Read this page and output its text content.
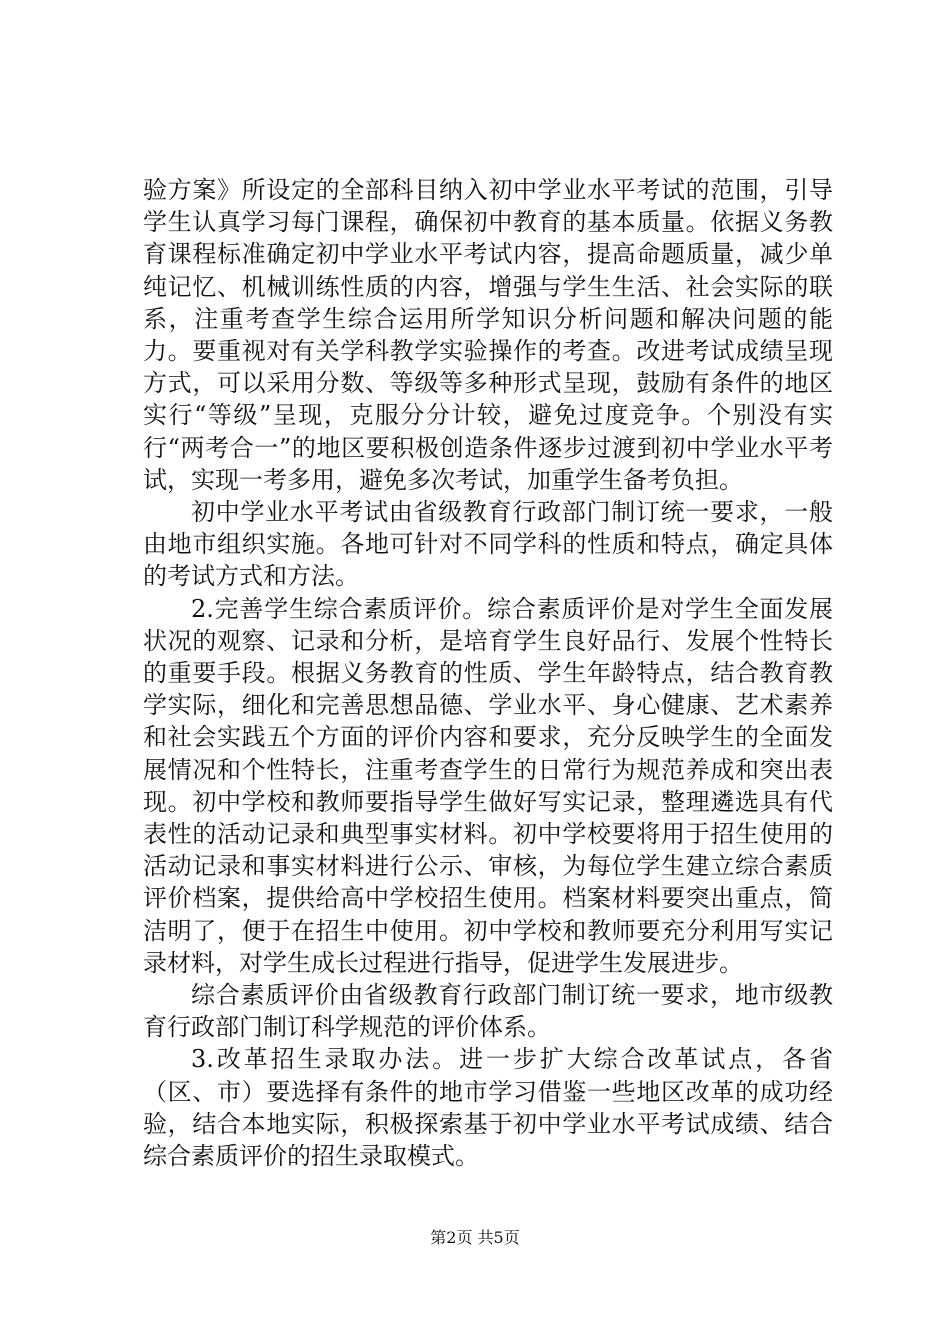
验方案》所设定的全部科目纳入初中学业水平考试的范围，引导学生认真学习每门课程，确保初中教育的基本质量。依据义务教育课程标准确定初中学业水平考试内容，提高命题质量，减少单纯记忆、机械训练性质的内容，增强与学生生活、社会实际的联系，注重考查学生综合运用所学知识分析问题和解决问题的能力。要重视对有关学科教学实验操作的考查。改进考试成绩呈现方式，可以采用分数、等级等多种形式呈现，鼓励有条件的地区实行“等级”呈现，克服分分计较，避免过度竞争。个别没有实行“两考合一”的地区要积极创造条件逐步过渡到初中学业水平考试，实现一考多用，避免多次考试，加重学生备考负担。

初中学业水平考试由省级教育行政部门制订统一要求，一般由地市组织实施。各地可针对不同学科的性质和特点，确定具体的考试方式和方法。

2.完善学生综合素质评价。综合素质评价是对学生全面发展状况的观察、记录和分析，是培育学生良好品行、发展个性特长的重要手段。根据义务教育的性质、学生年龄特点，结合教育教学实际，细化和完善思想品德、学业水平、身心健康、艺术素养和社会实践五个方面的评价内容和要求，充分反映学生的全面发展情况和个性特长，注重考查学生的日常行为规范养成和突出表现。初中学校和教师要指导学生做好写实记录，整理遴选具有代表性的活动记录和典型事实材料。初中学校要将用于招生使用的活动记录和事实材料进行公示、审核，为每位学生建立综合素质评价档案，提供给高中学校招生使用。档案材料要突出重点，简洁明了，便于在招生中使用。初中学校和教师要充分利用写实记录材料，对学生成长过程进行指导，促进学生发展进步。

综合素质评价由省级教育行政部门制订统一要求，地市级教育行政部门制订科学规范的评价体系。

3.改革招生录取办法。进一步扩大综合改革试点，各省（区、市）要选择有条件的地市学习借鉴一些地区改革的成功经验，结合本地实际，积极探索基于初中学业水平考试成绩、结合综合素质评价的招生录取模式。

第2页 共5页
